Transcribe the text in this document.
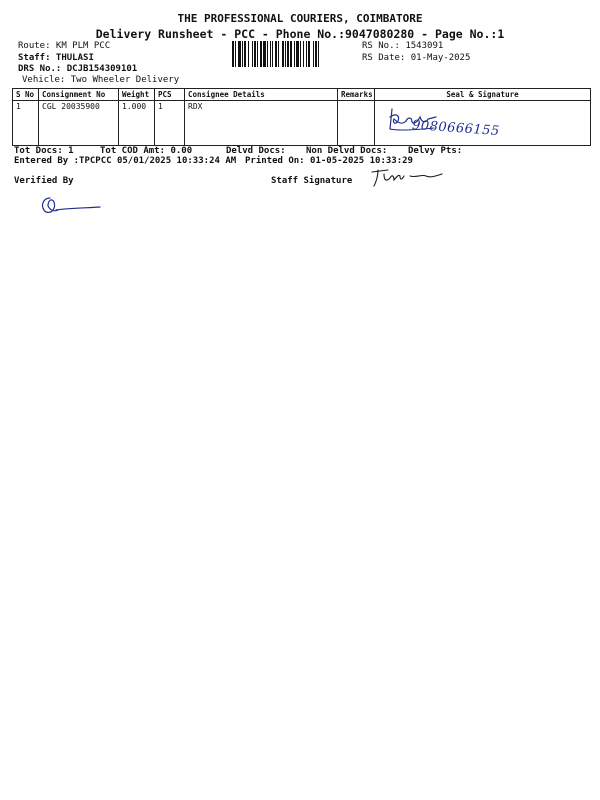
THE PROFESSIONAL COURIERS, COIMBATORE
Delivery Runsheet - PCC - Phone No.:9047080280 - Page No.:1
Route: KM PLM PCC
Staff: THULASI
DRS No.: DCJB154309101
Vehicle: Two Wheeler Delivery
RS No.: 1543091
RS Date: 01-May-2025
S No	Consignment No	Weight	PCS	Consignee Details	Remarks	Seal & Signature
1	CGL 20035900	1.000	1	RDX		
9080666155
Tot Docs: 1	Tot COD Amt: 0.00	Delvd Docs: Non Delvd Docs: Delvy Pts:
Entered By :TPCPCC 05/01/2025 10:33:24 AM Printed On: 01-05-2025 10:33:29
Verified By	Staff Signature
